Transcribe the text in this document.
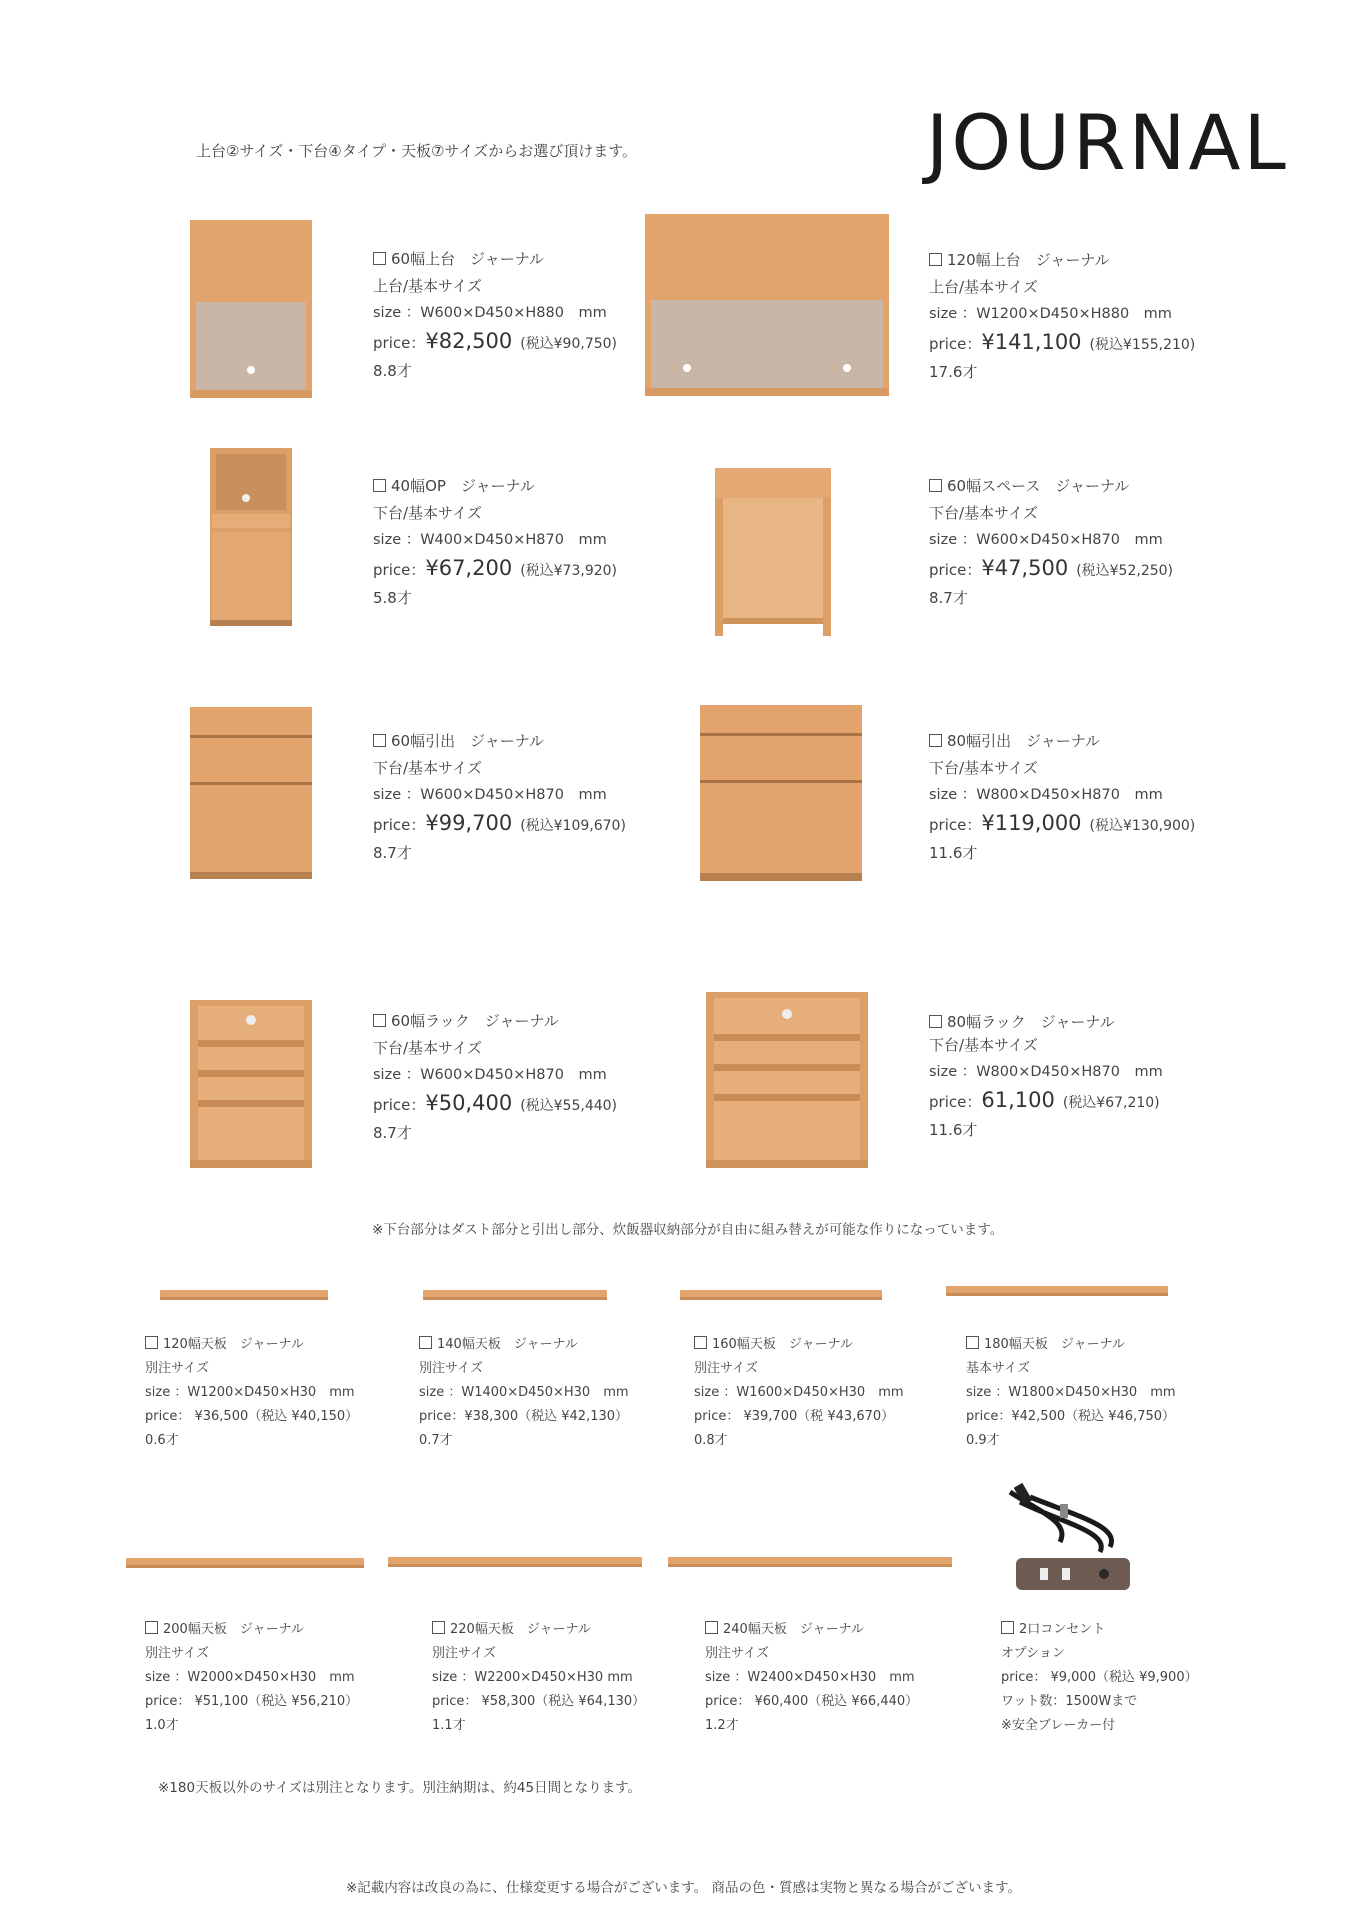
上台②サイズ・下台④タイプ・天板⑦サイズからお選び頂けます。	JOURNAL
60幅上台　ジャーナル
上台/基本サイズ
size ：W600×D450×H880　mm
price：¥82,500 (税込¥90,750)
8.8才
120幅上台　ジャーナル
上台/基本サイズ
size ：W1200×D450×H880　mm
price：¥141,100 (税込¥155,210)
17.6才
40幅OP　ジャーナル
下台/基本サイズ
size ：W400×D450×H870　mm
price：¥67,200 (税込¥73,920)
5.8才
60幅スペース　ジャーナル
下台/基本サイズ
size ：W600×D450×H870　mm
price：¥47,500 (税込¥52,250)
8.7才
60幅引出　ジャーナル
下台/基本サイズ
size ：W600×D450×H870　mm
price：¥99,700 (税込¥109,670)
8.7才
80幅引出　ジャーナル
下台/基本サイズ
size ：W800×D450×H870　mm
price：¥119,000 (税込¥130,900)
11.6才
60幅ラック　ジャーナル
下台/基本サイズ
size ：W600×D450×H870　mm
price：¥50,400 (税込¥55,440)
8.7才
80幅ラック　ジャーナル
下台/基本サイズ
size ：W800×D450×H870　mm
price：61,100 (税込¥67,210)
11.6才
※下台部分はダスト部分と引出し部分、炊飯器収納部分が自由に組み替えが可能な作りになっています。
120幅天板　ジャーナル
別注サイズ
size ：W1200×D450×H30　mm
price： ¥36,500（税込 ¥40,150）
0.6才
140幅天板　ジャーナル
別注サイズ
size ：W1400×D450×H30　mm
price：¥38,300（税込 ¥42,130）
0.7才
160幅天板　ジャーナル
別注サイズ
size ：W1600×D450×H30　mm
price： ¥39,700（税 ¥43,670）
0.8才
180幅天板　ジャーナル
基本サイズ
size ：W1800×D450×H30　mm
price：¥42,500（税込 ¥46,750）
0.9才
200幅天板　ジャーナル
別注サイズ
size ：W2000×D450×H30　mm
price： ¥51,100（税込 ¥56,210）
1.0才
220幅天板　ジャーナル
別注サイズ
size ：W2200×D450×H30 mm
price： ¥58,300（税込 ¥64,130）
1.1才
240幅天板　ジャーナル
別注サイズ
size ：W2400×D450×H30　mm
price： ¥60,400（税込 ¥66,440）
1.2才
2口コンセント
オプション
price： ¥9,000（税込 ¥9,900）
ワット数：1500Wまで
※安全ブレーカー付
※180天板以外のサイズは別注となります。別注納期は、約45日間となります。
※記載内容は改良の為に、仕様変更する場合がございます。 商品の色・質感は実物と異なる場合がございます。
